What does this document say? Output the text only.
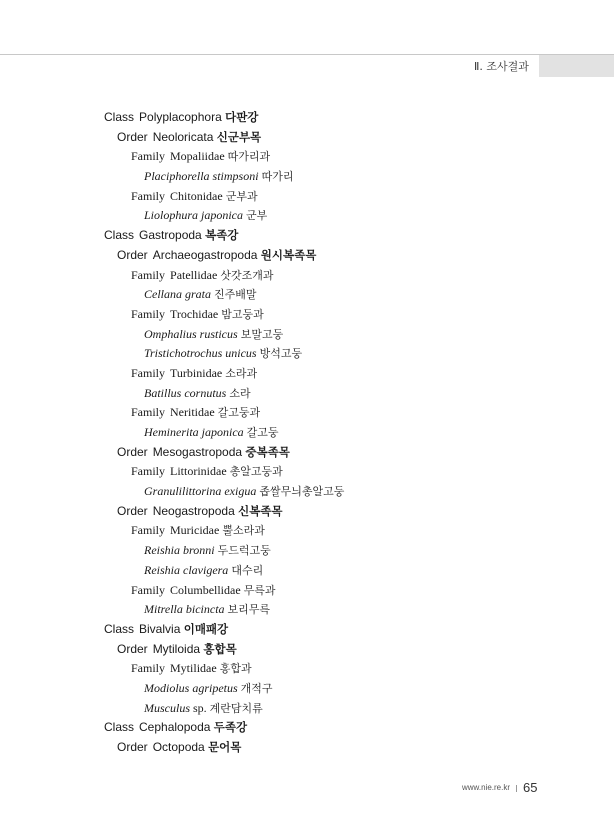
Ⅱ. 조사결과
Class Polyplacophora 다판강
Order Neoloricata 신군부목
Family Mopaliidae 따가리과
Placiphorella stimpsoni 따가리
Family Chitonidae 군부과
Liolophura japonica 군부
Class Gastropoda 복족강
Order Archaeogastropoda 원시복족목
Family Patellidae 삿갓조개과
Cellana grata 진주배말
Family Trochidae 밤고둥과
Omphalius rusticus 보말고둥
Tristichotrochus unicus 방석고둥
Family Turbinidae 소라과
Batillus cornutus 소라
Family Neritidae 갈고둥과
Heminerita japonica 갈고둥
Order Mesogastropoda 중복족목
Family Littorinidae 총알고둥과
Granulilittorina exigua 좁쌀무늬총알고둥
Order Neogastropoda 신복족목
Family Muricidae 뿔소라과
Reishia bronni 두드럭고둥
Reishia clavigera 대수리
Family Columbellidae 무륵과
Mitrella bicincta 보리무륵
Class Bivalvia 이매패강
Order Mytiloida 홍합목
Family Mytilidae 홍합과
Modiolus agripetus 개적구
Musculus sp. 계란담치류
Class Cephalopoda 두족강
Order Octopoda 문어목
www.nie.re.kr 65
